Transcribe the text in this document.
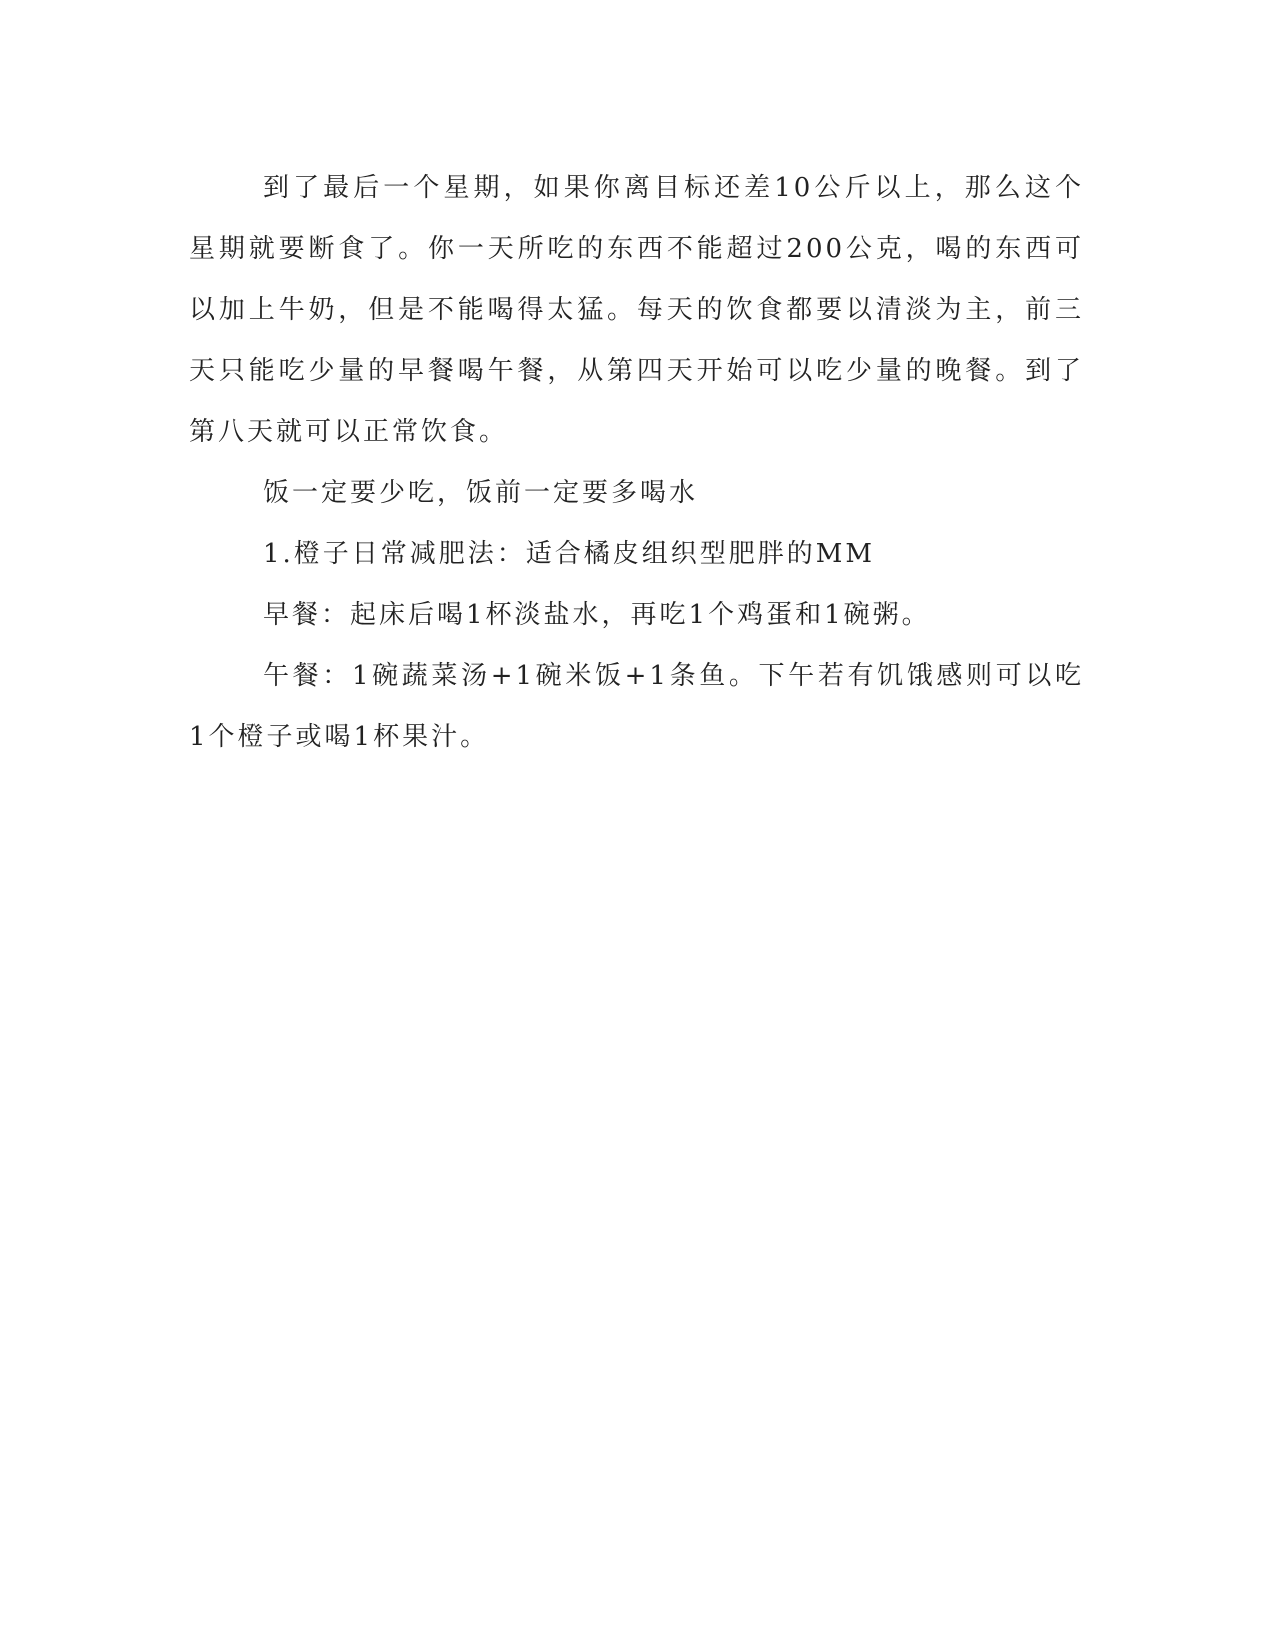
到了最后一个星期，如果你离目标还差10公斤以上，那么这个星期就要断食了。你一天所吃的东西不能超过200公克，喝的东西可以加上牛奶，但是不能喝得太猛。每天的饮食都要以清淡为主，前三天只能吃少量的早餐喝午餐，从第四天开始可以吃少量的晚餐。到了第八天就可以正常饮食。

饭一定要少吃，饭前一定要多喝水

1.橙子日常减肥法：适合橘皮组织型肥胖的MM

早餐：起床后喝1杯淡盐水，再吃1个鸡蛋和1碗粥。

午餐：1碗蔬菜汤+1碗米饭+1条鱼。下午若有饥饿感则可以吃1个橙子或喝1杯果汁。
